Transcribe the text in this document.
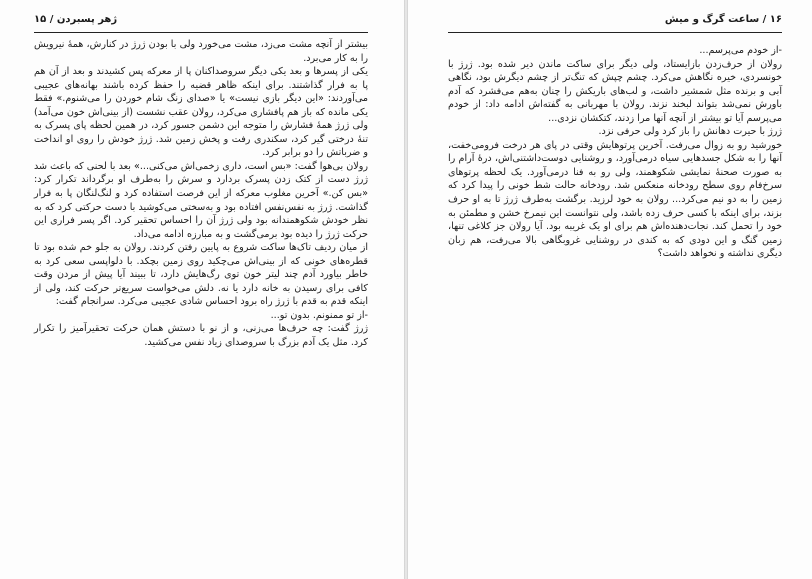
ژهر پسبردن / ۱۵

بیشتر از آنچه مشت می‌زد، مشت می‌خورد ولی با بودن ژرژ در کنارش، همهٔ نیرویش را به کار می‌برد.

یکی از پسرها و بعد یکی دیگر سروصداکنان پا از معرکه پس کشیدند و بعد از آن هم پا به فرار گذاشتند. برای اینکه ظاهر قضیه را حفظ کرده باشند بهانه‌های عجیبی می‌آوردند: «این دیگر بازی نیست» یا «صدای زنگ شام خوردن را می‌شنوم.» فقط یکی مانده که باز هم پافشاری می‌کرد، رولان عقب نشست (از بینی‌اش خون می‌آمد) ولی ژرژ همهٔ فشارش را متوجه این دشمن جسور کرد، در همین لحظه پای پسرک به تنهٔ درختی گیر کرد، سکندری رفت و پخش زمین شد. ژرژ خودش را روی او انداخت و ضرباتش را دو برابر کرد.

رولان بی‌هوا گفت: «بس است، داری زخمی‌اش می‌کنی...» بعد با لحنی که باعث شد ژرژ دست از کتک زدن پسرک بردارد و سرش را به‌طرف او برگرداند تکرار کرد: «بس کن.» آخرین مغلوب معرکه از این فرصت استفاده کرد و لنگ‌لنگان پا به فرار گذاشت. ژرژ به نفس‌نفس افتاده بود و به‌سختی می‌کوشید با دست حرکتی کرد که به نظر خودش شکوهمندانه بود ولی ژرژ آن را احساس تحقیر کرد. اگر پسر فراری این حرکت ژرژ را دیده بود برمی‌گشت و به مبارزه ادامه می‌داد.

از میان ردیف تاک‌ها ساکت شروع به پایین رفتن کردند. رولان به جلو خم شده بود تا قطره‌های خونی که از بینی‌اش می‌چکید روی زمین بچکد. با دلواپسی سعی کرد به خاطر بیاورد آدم چند لیتر خون توی رگ‌هایش دارد، تا ببیند آیا پیش از مردن وقت کافی برای رسیدن به خانه دارد یا نه. دلش می‌خواست سریع‌تر حرکت کند، ولی از اینکه قدم به قدم با ژرژ راه برود احساس شادی عجیبی می‌کرد. سرانجام گفت:

-از تو ممنونم. بدون تو...

ژرژ گفت: چه حرف‌ها می‌زنی، و از نو با دستش همان حرکت تحقیرآمیز را تکرار کرد. مثل یک آدم بزرگ با سروصدای زیاد نفس می‌کشید.

۱۶ / ساعت گرگ و میش

-از خودم می‌پرسم...

رولان از حرف‌زدن بازایستاد، ولی دیگر برای ساکت ماندن دیر شده بود. ژرژ با خونسردی، خیره نگاهش می‌کرد. چشم چپش که تنگ‌تر از چشم دیگرش بود، نگاهی آبی و برنده مثل شمشیر داشت، و لب‌های باریکش را چنان به‌هم می‌فشرد که آدم باورش نمی‌شد بتواند لبخند نزند. رولان با مهربانی به گفته‌اش ادامه داد: از خودم می‌پرسم آیا تو بیشتر از آنچه آنها مرا زدند، کتکشان نزدی...

ژرژ با حیرت دهانش را باز کرد ولی حرفی نزد.

خورشید رو به زوال می‌رفت. آخرین پرتوهایش وقتی در پای هر درخت فرومی‌خفت، آنها را به شکل جسدهایی سیاه درمی‌آورد، و روشنایی دوست‌داشتنی‌اش، درهٔ آرام را به صورت صحنهٔ نمایشی شکوهمند، ولی رو به فنا درمی‌آورد. یک لحظه پرتوهای سرخ‌فام روی سطح رودخانه منعکس شد. رودخانه حالت شط خونی را پیدا کرد که زمین را به دو نیم می‌کرد... رولان به خود لرزید. برگشت به‌طرف ژرژ تا به او حرف بزند، برای اینکه با کسی حرف زده باشد، ولی نتوانست این نیمرخ خشن و مطمئن به خود را تحمل کند. نجات‌دهنده‌اش هم برای او یک غریبه بود. آیا رولان جز کلاغی تنها، زمین گنگ و این دودی که به کندی در روشنایی غروبگاهی بالا می‌رفت، هم زبان دیگری نداشته و نخواهد داشت؟
